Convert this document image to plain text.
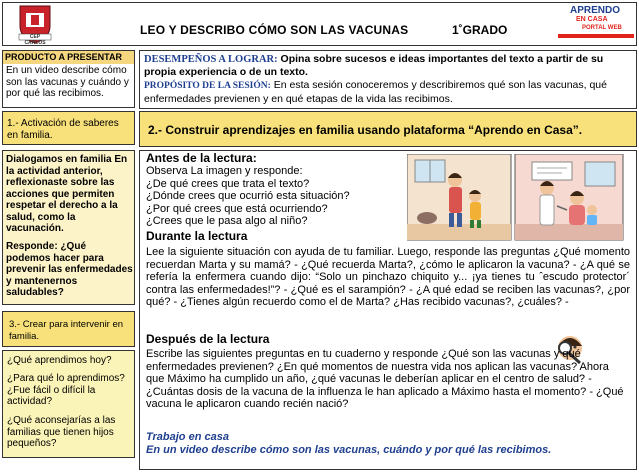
CEP CARLOS
LEO Y DESCRIBO CÓMO SON LAS VACUNAS	1˚GRADO
APRENDO
EN CASA
PORTAL WEB
PRODUCTO A PRESENTAR
En un video describe cómo son las vacunas y cuándo y por qué las recibimos.
DESEMPEÑOS A LOGRAR: Opina sobre sucesos e ideas importantes del texto a partir de su propia experiencia o de un texto.
PROPÓSITO DE LA SESIÓN: En esta sesión conoceremos y describiremos qué son las vacunas, qué enfermedades previenen y en qué etapas de la vida las recibimos.
1.- Activación de saberes en familia.	2.- Construir aprendizajes en familia usando plataforma “Aprendo en Casa”.
Dialogamos en familia En la actividad anterior, reflexionaste sobre las acciones que permiten respetar el derecho a la salud, como la vacunación.
Responde: ¿Qué podemos hacer para prevenir las enfermedades y mantenernos saludables?
3.- Crear para intervenir en familia.
¿Qué aprendimos hoy?
¿Para qué lo aprendimos? ¿Fue fácil o difícil la actividad?
¿Qué aconsejarías a las familias que tienen hijos pequeños?
Antes de la lectura:
Observa La imagen y responde:
¿De qué crees que trata el texto?
¿Dónde crees que ocurrió esta situación?
¿Por qué crees que está ocurriendo?
¿Crees que le pasa algo al niño?
Durante la lectura
Lee la siguiente situación con ayuda de tu familiar. Luego, responde las preguntas ¿Qué momento recuerdan Marta y su mamá? - ¿Qué recuerda Marta?, ¿cómo le aplicaron la vacuna? - ¿A qué se refería la enfermera cuando dijo: “Solo un pinchazo chiquito y... ¡ya tienes tu ˆescudo protector´ contra las enfermedades!”? - ¿Qué es el sarampión? - ¿A qué edad se reciben las vacunas?, ¿por qué? - ¿Tienes algún recuerdo como el de Marta? ¿Has recibido vacunas?, ¿cuáles? -
Después de la lectura
Escribe las siguientes preguntas en tu cuaderno y responde ¿Qué son las vacunas y qué enfermedades previenen? ¿En qué momentos de nuestra vida nos aplican las vacunas? Ahora que Máximo ha cumplido un año, ¿qué vacunas le deberían aplicar en el centro de salud? - ¿Cuántas dosis de la vacuna de la influenza le han aplicado a Máximo hasta el momento? - ¿Qué vacuna le aplicaron cuando recién nació?
Trabajo en casa
En un video describe cómo son las vacunas, cuándo y por qué las recibimos.
